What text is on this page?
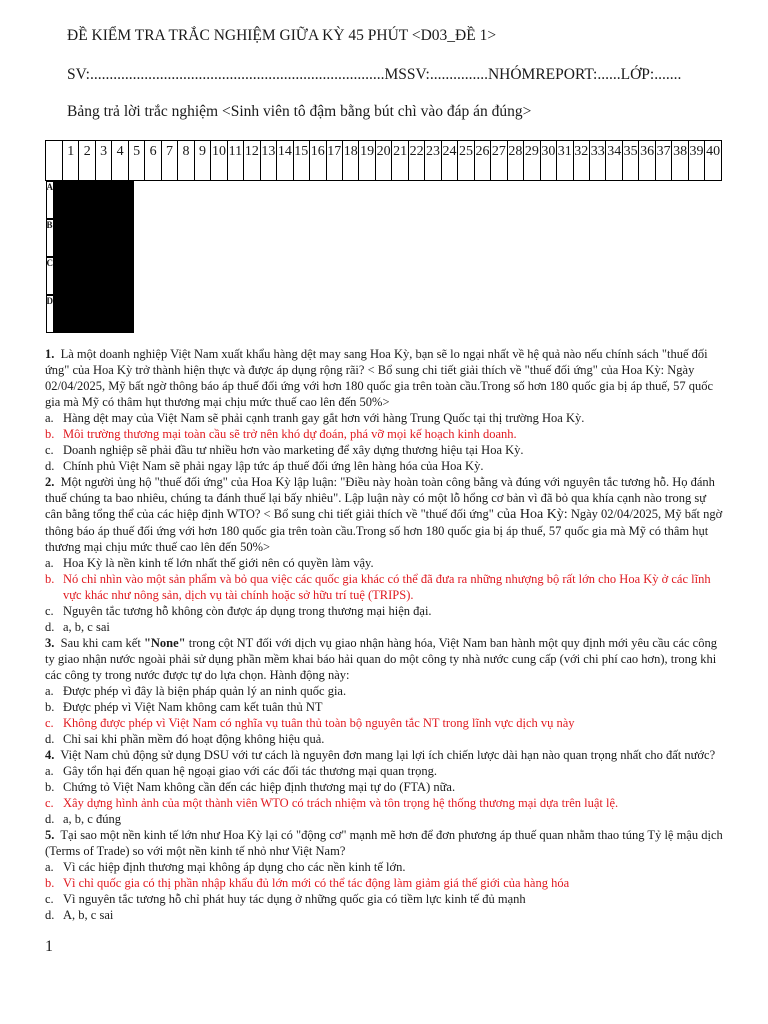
ĐỀ KIỂM TRA TRẮC NGHIỆM GIỮA KỲ 45 PHÚT <D03_ĐỀ 1>
SV:............................................................................MSSV:...............NHÓMREPORT:......LỚP:.......
Bảng trả lời trắc nghiệm <Sinh viên tô đậm bằng bút chì vào đáp án đúng>
	1	2	3	4	5	6	7	8	9	10	11	12	13	14	15	16	17	18	19	20	21	22	23	24	25	26	27	28	29	30	31	32	33	34	35	36	37	38	39	40

A
B
C
D
1. Là một doanh nghiệp Việt Nam xuất khẩu hàng dệt may sang Hoa Kỳ, bạn sẽ lo ngại nhất về hệ quả nào nếu chính sách "thuế đối ứng" của Hoa Kỳ trở thành hiện thực và được áp dụng rộng rãi? < Bổ sung chi tiết giải thích về "thuế đối ứng" của Hoa Kỳ: Ngày 02/04/2025, Mỹ bất ngờ thông báo áp thuế đối ứng với hơn 180 quốc gia trên toàn cầu.Trong số hơn 180 quốc gia bị áp thuế, 57 quốc gia mà Mỹ có thâm hụt thương mại chịu mức thuế cao lên đến 50%>
a. Hàng dệt may của Việt Nam sẽ phải cạnh tranh gay gắt hơn với hàng Trung Quốc tại thị trường Hoa Kỳ.
b. Môi trường thương mại toàn cầu sẽ trở nên khó dự đoán, phá vỡ mọi kế hoạch kinh doanh.
c. Doanh nghiệp sẽ phải đầu tư nhiều hơn vào marketing để xây dựng thương hiệu tại Hoa Kỳ.
d. Chính phủ Việt Nam sẽ phải ngay lập tức áp thuế đối ứng lên hàng hóa của Hoa Kỳ.
2. Một người ủng hộ "thuế đối ứng" của Hoa Kỳ lập luận: "Điều này hoàn toàn công bằng và đúng với nguyên tắc tương hỗ. Họ đánh thuế chúng ta bao nhiêu, chúng ta đánh thuế lại bấy nhiêu". Lập luận này có một lỗ hổng cơ bản vì đã bỏ qua khía cạnh nào trong sự cân bằng tổng thể của các hiệp định WTO? < Bổ sung chi tiết giải thích về "thuế đối ứng" của Hoa Kỳ: Ngày 02/04/2025, Mỹ bất ngờ thông báo áp thuế đối ứng với hơn 180 quốc gia trên toàn cầu.Trong số hơn 180 quốc gia bị áp thuế, 57 quốc gia mà Mỹ có thâm hụt thương mại chịu mức thuế cao lên đến 50%>
a. Hoa Kỳ là nền kinh tế lớn nhất thế giới nên có quyền làm vậy.
b. Nó chỉ nhìn vào một sản phẩm và bỏ qua việc các quốc gia khác có thể đã đưa ra những nhượng bộ rất lớn cho Hoa Kỳ ở các lĩnh vực khác như nông sản, dịch vụ tài chính hoặc sở hữu trí tuệ (TRIPS).
c. Nguyên tắc tương hỗ không còn được áp dụng trong thương mại hiện đại.
d. a, b, c sai
3. Sau khi cam kết "None" trong cột NT đối với dịch vụ giao nhận hàng hóa, Việt Nam ban hành một quy định mới yêu cầu các công ty giao nhận nước ngoài phải sử dụng phần mềm khai báo hải quan do một công ty nhà nước cung cấp (với chi phí cao hơn), trong khi các công ty trong nước được tự do lựa chọn. Hành động này:
a. Được phép vì đây là biện pháp quản lý an ninh quốc gia.
b. Được phép vì Việt Nam không cam kết tuân thủ NT
c. Không được phép vì Việt Nam có nghĩa vụ tuân thủ toàn bộ nguyên tắc NT trong lĩnh vực dịch vụ này
d. Chỉ sai khi phần mềm đó hoạt động không hiệu quả.
4. Việt Nam chủ động sử dụng DSU với tư cách là nguyên đơn mang lại lợi ích chiến lược dài hạn nào quan trọng nhất cho đất nước?
a. Gây tổn hại đến quan hệ ngoại giao với các đối tác thương mại quan trọng.
b. Chứng tỏ Việt Nam không cần đến các hiệp định thương mại tự do (FTA) nữa.
c. Xây dựng hình ảnh của một thành viên WTO có trách nhiệm và tôn trọng hệ thống thương mại dựa trên luật lệ.
d. a, b, c đúng
5. Tại sao một nền kinh tế lớn như Hoa Kỳ lại có "động cơ" mạnh mẽ hơn để đơn phương áp thuế quan nhằm thao túng Tỷ lệ mậu dịch (Terms of Trade) so với một nền kinh tế nhỏ như Việt Nam?
a. Vì các hiệp định thương mại không áp dụng cho các nền kinh tế lớn.
b. Vì chỉ quốc gia có thị phần nhập khẩu đủ lớn mới có thể tác động làm giảm giá thế giới của hàng hóa
c. Vì nguyên tắc tương hỗ chỉ phát huy tác dụng ở những quốc gia có tiềm lực kinh tế đủ mạnh
d. A, b, c sai
1
